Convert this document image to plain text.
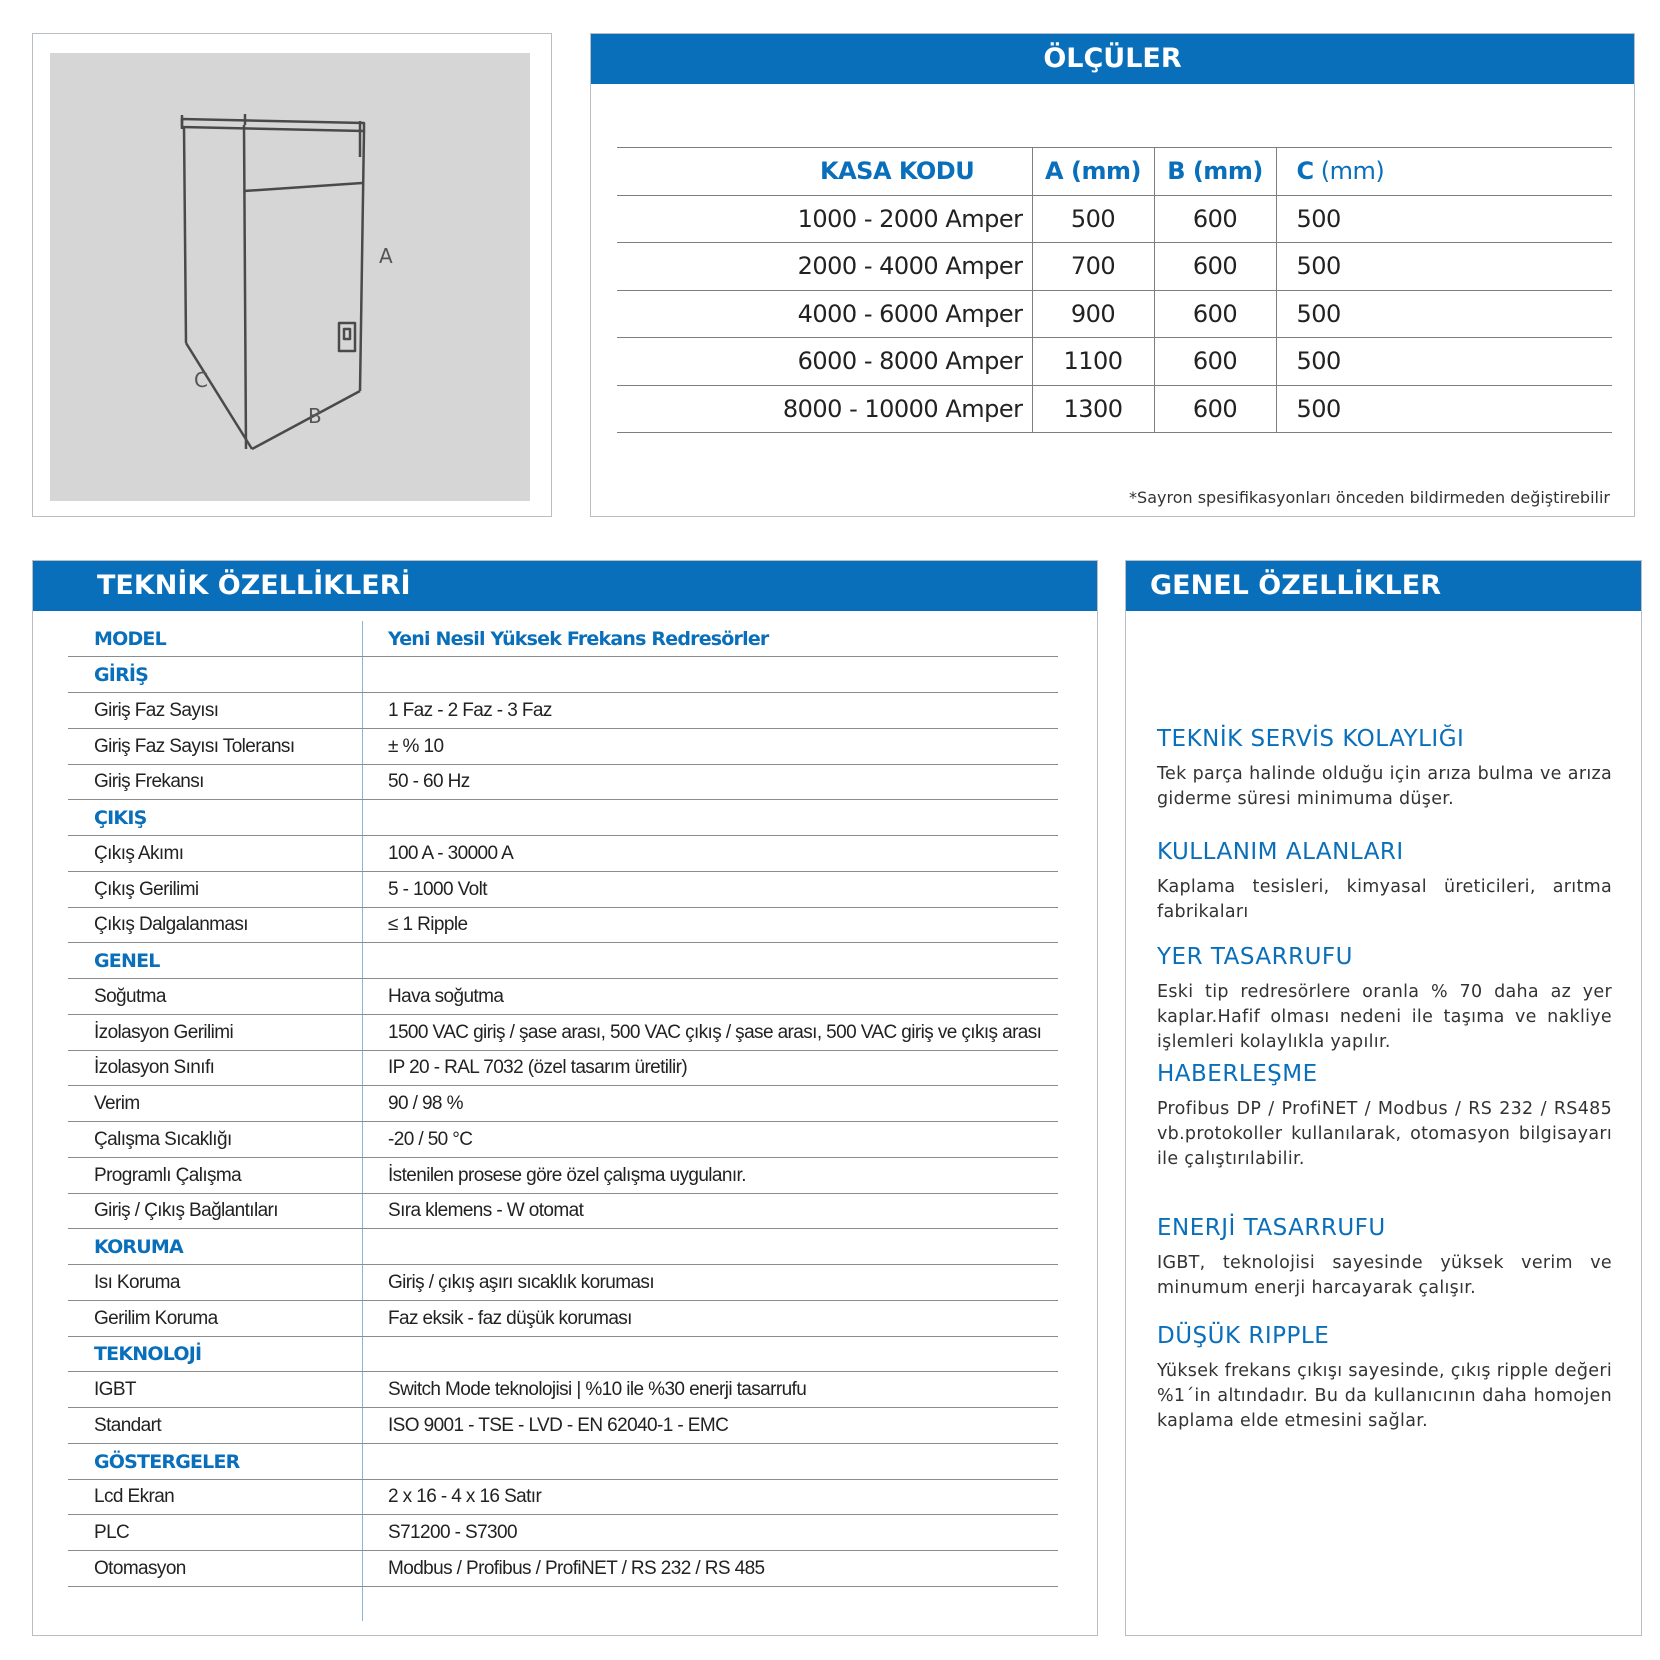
A
C
B
ÖLÇÜLER
KASA KODU	A (mm)	B (mm)	C (mm)
1000 - 2000 Amper	500	600	500
2000 - 4000 Amper	700	600	500
4000 - 6000 Amper	900	600	500
6000 - 8000 Amper	1100	600	500
8000 - 10000 Amper	1300	600	500
*Sayron spesifikasyonları önceden bildirmeden değiştirebilir
TEKNİK ÖZELLİKLERİ
MODEL	Yeni Nesil Yüksek Frekans Redresörler
GİRİŞ	
Giriş Faz Sayısı	1 Faz - 2 Faz - 3 Faz
Giriş Faz Sayısı Toleransı	± % 10
Giriş Frekansı	50 - 60 Hz
ÇIKIŞ	
Çıkış Akımı	100 A - 30000 A
Çıkış Gerilimi	5 - 1000 Volt
Çıkış Dalgalanması	≤ 1 Ripple
GENEL	
Soğutma	Hava soğutma
İzolasyon Gerilimi	1500 VAC giriş / şase arası, 500 VAC çıkış / şase arası, 500 VAC giriş ve çıkış arası
İzolasyon Sınıfı	IP 20 - RAL 7032 (özel tasarım üretilir)
Verim	90 / 98 %
Çalışma Sıcaklığı	-20 / 50 °C
Programlı Çalışma	İstenilen prosese göre özel çalışma uygulanır.
Giriş / Çıkış Bağlantıları	Sıra klemens - W otomat
KORUMA	
Isı Koruma	Giriş / çıkış aşırı sıcaklık koruması
Gerilim Koruma	Faz eksik - faz düşük koruması
TEKNOLOJİ	
IGBT	Switch Mode teknolojisi | %10 ile %30 enerji tasarrufu
Standart	ISO 9001 - TSE - LVD - EN 62040-1 - EMC
GÖSTERGELER	
Lcd Ekran	2 x 16 - 4 x 16 Satır
PLC	S71200 - S7300
Otomasyon	Modbus / Profibus / ProfiNET / RS 232 / RS 485
GENEL ÖZELLİKLER
TEKNİK SERVİS KOLAYLIĞI

Tek parça halinde olduğu için arıza bulma ve arıza giderme süresi minimuma düşer.

KULLANIM ALANLARI

Kaplama tesisleri, kimyasal üreticileri, arıtma fabrikaları

YER TASARRUFU

Eski tip redresörlere oranla % 70 daha az yer kaplar.Hafif olması nedeni ile taşıma ve nakliye işlemleri kolaylıkla yapılır.

HABERLEŞME

Profibus DP / ProfiNET / Modbus / RS 232 / RS485 vb.protokoller kullanılarak, otomasyon bilgisayarı ile çalıştırılabilir.

ENERJİ TASARRUFU

IGBT, teknolojisi sayesinde yüksek verim ve minumum enerji harcayarak çalışır.

DÜŞÜK RIPPLE

Yüksek frekans çıkışı sayesinde, çıkış ripple değeri %1´in altındadır. Bu da kullanıcının daha homojen kaplama elde etmesini sağlar.
